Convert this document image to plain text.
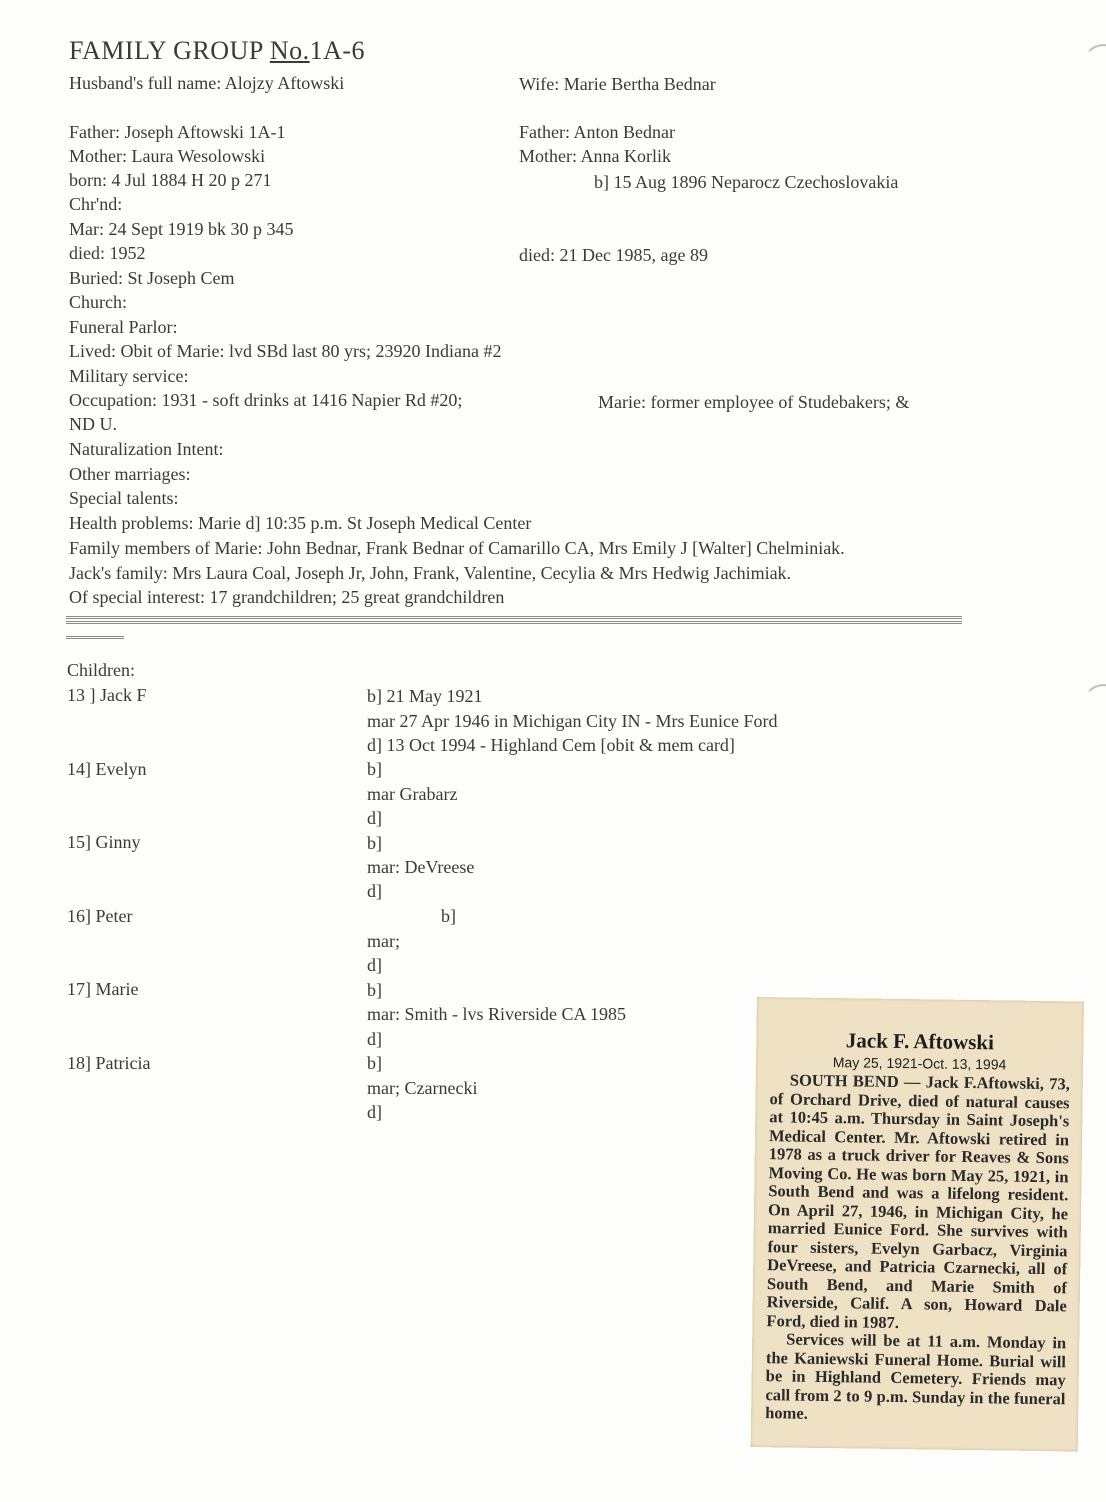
FAMILY GROUP No.1A-6
Husband's full name: Alojzy Aftowski	Wife: Marie Bertha Bednar
Father: Joseph Aftowski 1A-1	Father: Anton Bednar
Mother: Laura Wesolowski	Mother: Anna Korlik
born: 4 Jul 1884 H 20 p 271	b] 15 Aug 1896 Neparocz Czechoslovakia
Chr'nd:
Mar: 24 Sept 1919 bk 30 p 345
died: 1952	died: 21 Dec 1985, age 89
Buried: St Joseph Cem
Church:
Funeral Parlor:
Lived: Obit of Marie: lvd SBd last 80 yrs; 23920 Indiana #2
Military service:
Occupation: 1931 - soft drinks at 1416 Napier Rd #20;	Marie: former employee of Studebakers; &
ND U.
Naturalization Intent:
Other marriages:
Special talents:
Health problems: Marie d] 10:35 p.m. St Joseph Medical Center
Family members of Marie: John Bednar, Frank Bednar of Camarillo CA, Mrs Emily J [Walter] Chelminiak.
Jack's family: Mrs Laura Coal, Joseph Jr, John, Frank, Valentine, Cecylia & Mrs Hedwig Jachimiak.
Of special interest: 17 grandchildren; 25 great grandchildren
Children:
13 ] Jack F	b] 21 May 1921
mar 27 Apr 1946 in Michigan City IN - Mrs Eunice Ford
d] 13 Oct 1994 - Highland Cem [obit & mem card]
14] Evelyn	b]
mar Grabarz
d]
15] Ginny	b]
mar: DeVreese
d]
16] Peter	b]
mar;
d]
17] Marie	b]
mar: Smith - lvs Riverside CA 1985
d]
18] Patricia	b]
mar; Czarnecki
d]
Jack F. Aftowski
May 25, 1921-Oct. 13, 1994

SOUTH BEND — Jack F.Aftowski, 73, of Orchard Drive, died of natural causes at 10:45 a.m. Thursday in Saint Joseph's Medical Center. Mr. Aftowski retired in 1978 as a truck driver for Reaves & Sons Moving Co. He was born May 25, 1921, in South Bend and was a lifelong resident. On April 27, 1946, in Michigan City, he married Eunice Ford. She survives with four sisters, Evelyn Garbacz, Virginia DeVreese, and Patricia Czarnecki, all of South Bend, and Marie Smith of Riverside, Calif. A son, Howard Dale Ford, died in 1987.

Services will be at 11 a.m. Monday in the Kaniewski Funeral Home. Burial will be in Highland Cemetery. Friends may call from 2 to 9 p.m. Sunday in the funeral home.
